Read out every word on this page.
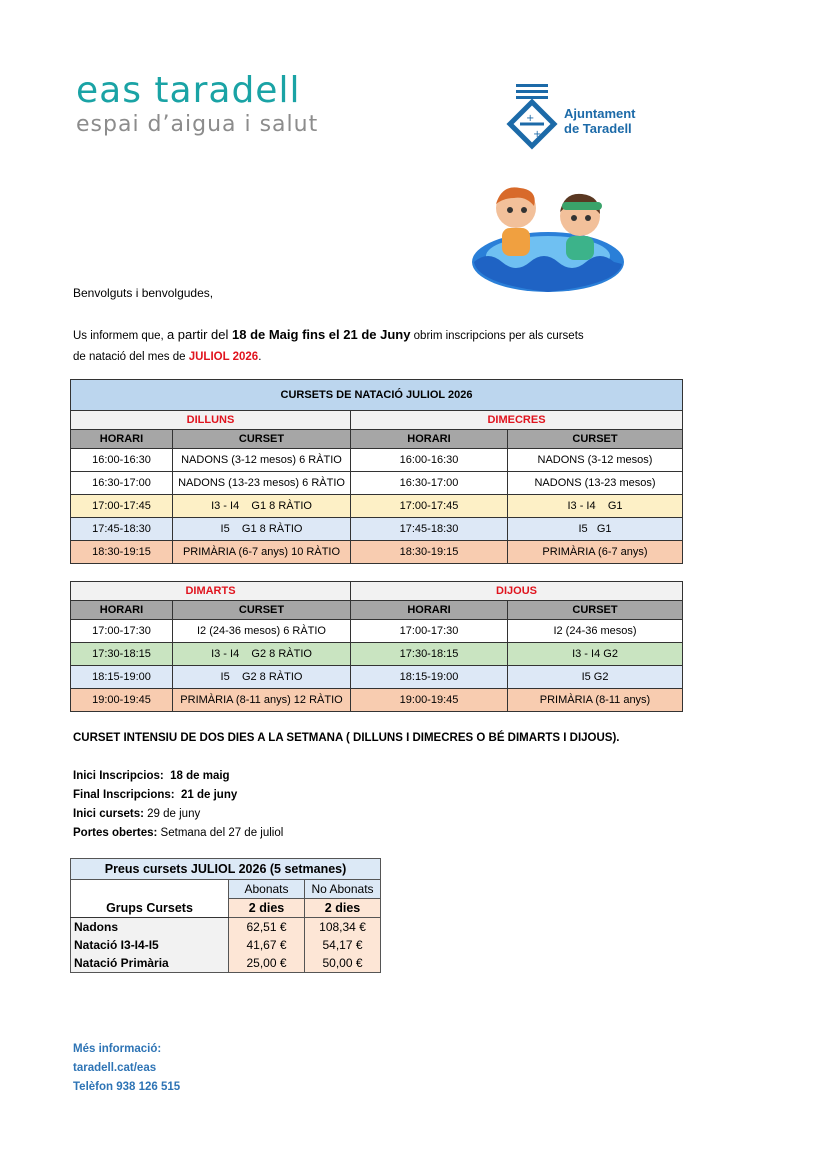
eas taradell
espai d’aigua i salut	+
+
Ajuntament
de Taradell
Benvolguts i benvolgudes,
Us informem que, a partir del 18 de Maig fins el 21 de Juny obrim inscripcions per als cursets
de natació del mes de JULIOL 2026.
CURSETS DE NATACIÓ JULIOL 2026			
DILLUNS		DIMECRES	
HORARI	CURSET	HORARI	CURSET
16:00-16:30	NADONS (3-12 mesos) 6 RÀTIO	16:00-16:30	NADONS (3-12 mesos)
16:30-17:00	NADONS (13-23 mesos) 6 RÀTIO	16:30-17:00	NADONS (13-23 mesos)
17:00-17:45	I3 - I4    G1 8 RÀTIO	17:00-17:45	I3 - I4    G1
17:45-18:30	I5    G1 8 RÀTIO	17:45-18:30	I5   G1
18:30-19:15	PRIMÀRIA (6-7 anys) 10 RÀTIO	18:30-19:15	PRIMÀRIA (6-7 anys)
DIMARTS		DIJOUS	
HORARI	CURSET	HORARI	CURSET
17:00-17:30	I2 (24-36 mesos) 6 RÀTIO	17:00-17:30	I2 (24-36 mesos)
17:30-18:15	I3 - I4    G2 8 RÀTIO	17:30-18:15	I3 - I4 G2
18:15-19:00	I5    G2 8 RÀTIO	18:15-19:00	I5 G2
19:00-19:45	PRIMÀRIA (8-11 anys) 12 RÀTIO	19:00-19:45	PRIMÀRIA (8-11 anys)
CURSET INTENSIU DE DOS DIES A LA SETMANA ( DILLUNS I DIMECRES O BÉ DIMARTS I DIJOUS).
Inici Inscripcios: 18 de maig
Final Inscripcions: 21 de juny
Inici cursets: 29 de juny
Portes obertes: Setmana del 27 de juliol
Preus cursets JULIOL 2026 (5 setmanes)		
	Abonats	No Abonats
Grups Cursets	2 dies	2 dies
Nadons	62,51 €	108,34 €
Natació I3-I4-I5	41,67 €	54,17 €
Natació Primària	25,00 €	50,00 €
Més informació:
taradell.cat/eas
Telèfon 938 126 515
